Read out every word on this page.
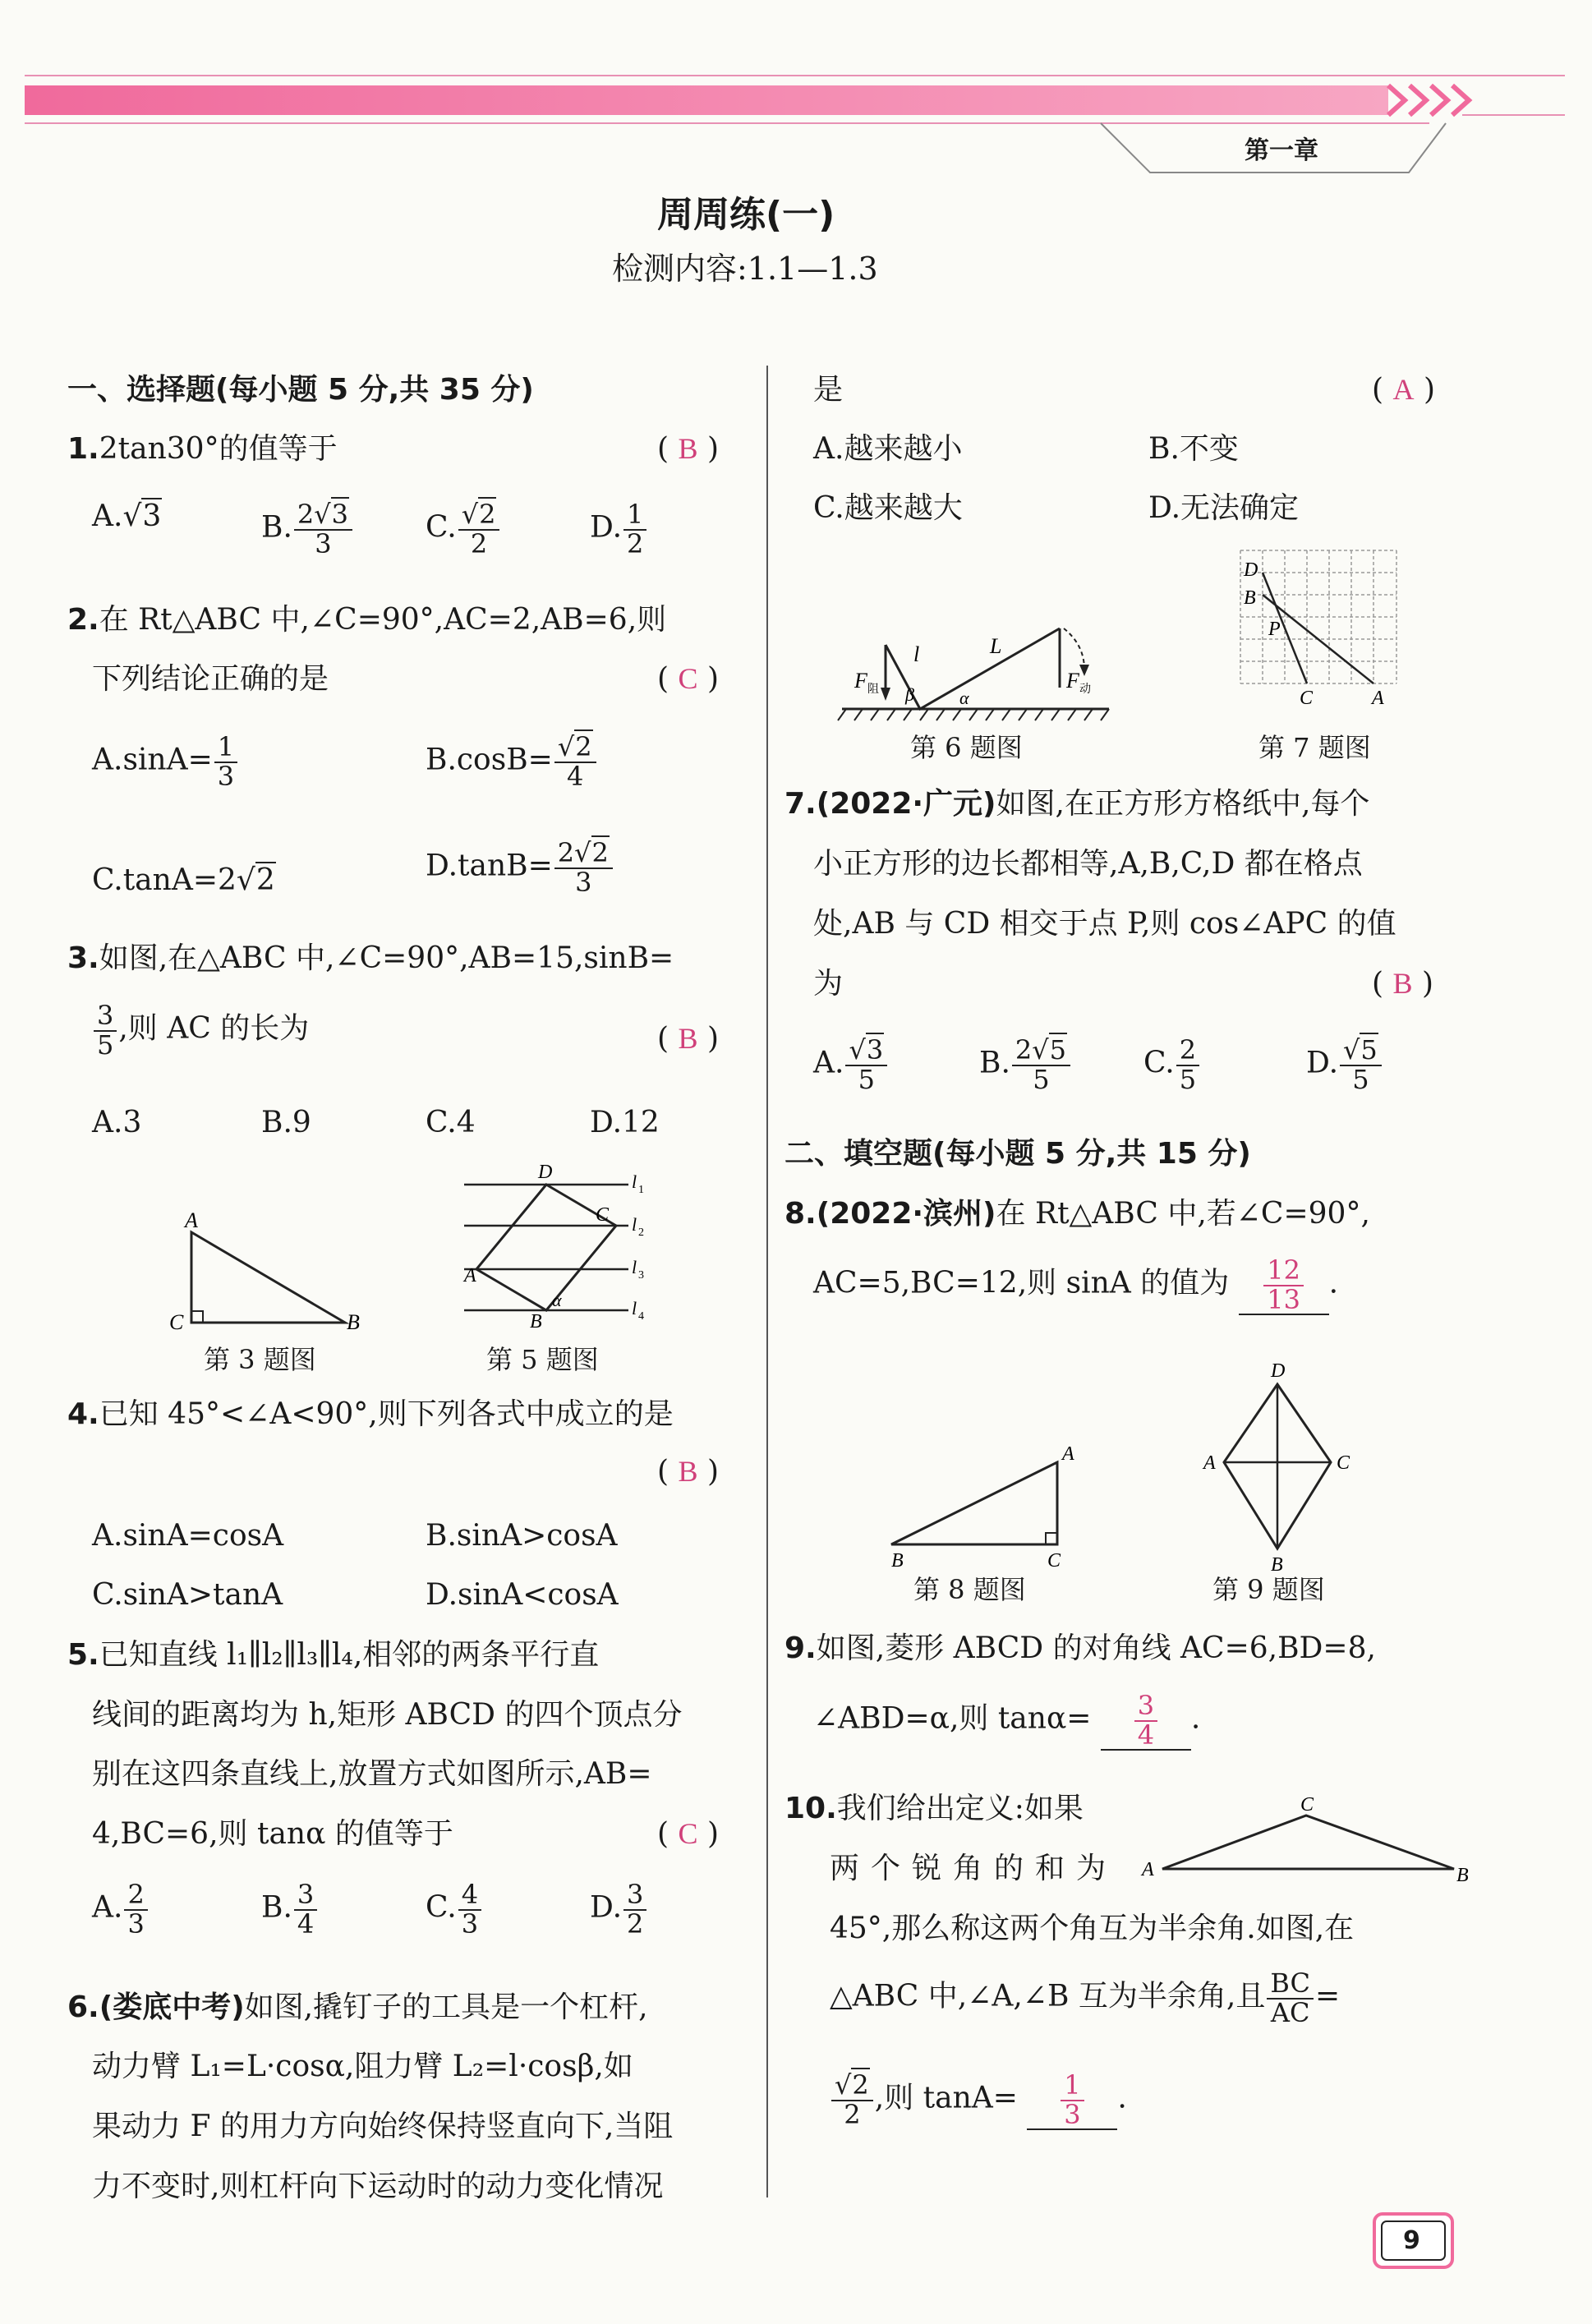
第一章
周周练(一)
检测内容:1.1—1.3
一、选择题(每小题 5 分,共 35 分)
1.2tan30°的值等于	( B )
A.√3	B. $\frac{2√3}{3} C$. $\frac{√2}{2}$	D. $\frac{1}{2}$
2.在 Rt△ABC 中,∠C=90°,AC=2,AB=6,则
下列结论正确的是	( C )
$A.\sin A= \frac{1}{3}$	$B.\cos B= \frac{√2}{4}$
C.tanA=2√2	$D.\tan B= \frac{2√2}{3}$
3.如图,在△ABC 中,∠C=90°,AB=15,sinB=
$\frac{3}{5}$ ,则 AC 的长为	( B )
A.3	B.9	C.4	D.12
A
C	B
第 3 题图
D
C
A
B
α
l 1
l 2
l 3
l 4
第 5 题图
4.已知 45°<∠A<90°,则下列各式中成立的是
( B )
A.sinA=cosA	B.sinA>cosA
C.sinA>tanA	D.sinA<cosA
5.已知直线 l₁∥l₂∥l₃∥l₄,相邻的两条平行直
线间的距离均为 h,矩形 ABCD 的四个顶点分
别在这四条直线上,放置方式如图所示,AB=
4,BC=6,则 tanα 的值等于	( C )
A. $\frac{2}{3}$	B. $\frac{3}{4}$	C. $\frac{4}{3}$	D. $\frac{3}{2}$
6.(娄底中考)如图,撬钉子的工具是一个杠杆,
动力臂 L₁=L·cosα,阻力臂 L₂=l·cosβ,如
果动力 F 的用力方向始终保持竖直向下,当阻
力不变时,则杠杆向下运动时的动力变化情况
是	( A )
A.越来越小	B.不变
C.越来越大	D.无法确定
l	L
β	α
F 阻	F 动
第 6 题图
D
B
P
C	A
第 7 题图
7.(2022·广元)如图,在正方形方格纸中,每个
小正方形的边长都相等,A,B,C,D 都在格点
处,AB 与 CD 相交于点 P,则 cos∠APC 的值
为	( B )
A. $\frac{√3}{5}$	B. $\frac{2√5}{5} C$. $\frac{2}{5}$	D. $\frac{√5}{5}$
二、填空题(每小题 5 分,共 15 分)
8.(2022·滨州)在 Rt△ABC 中,若∠C=90°,
AC=5,BC=12,则 sinA 的值为 $\frac{12}{13}$ .
A
B	C
第 8 题图
D
A	C
B
第 9 题图
9.如图,菱形 ABCD 的对角线 AC=6,BD=8,
∠ABD=α,则 $\tan\alpha= \frac{3}{4}$ .
10.我们给出定义:如果
两个锐角的和为
C
A	B
45°,那么称这两个角互为半余角.如图,在
△ABC 中,∠A,∠B 互为半余角,且 $\frac{BC}{AC}$ =
$\frac{√2}{2}$ ,则 $\tan A= \frac{1}{3}$ .
9
